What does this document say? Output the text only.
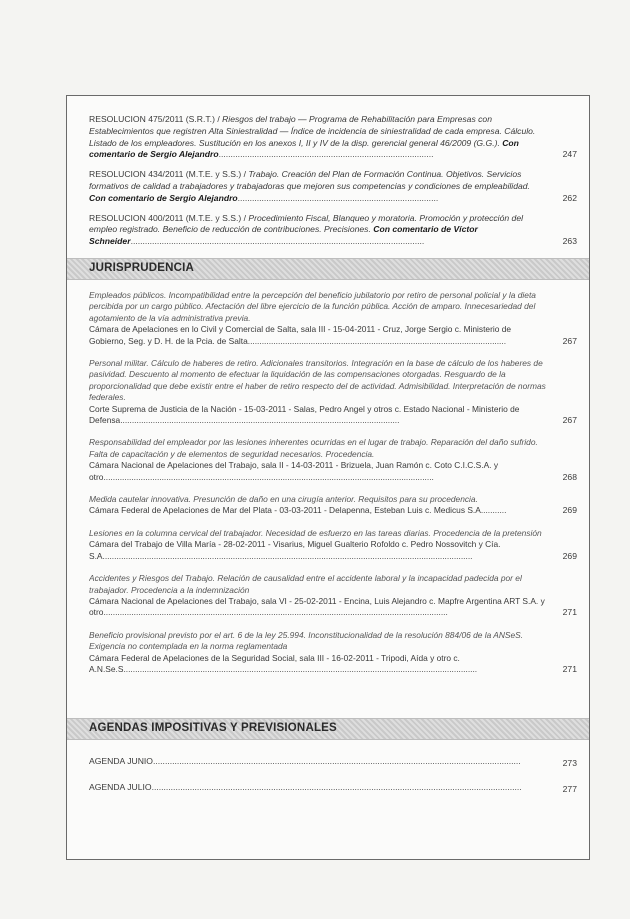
RESOLUCION 475/2011 (S.R.T.) / Riesgos del trabajo — Programa de Rehabilitación para Empresas con Establecimientos que registren Alta Siniestralidad — Índice de incidencia de siniestralidad de cada empresa. Cálculo. Listado de los empleadores. Sustitución en los anexos I, II y IV de la disp. gerencial general 46/2009 (G.G.). Con comentario de Sergio Alejandro..........................................................................................	247
RESOLUCION 434/2011 (M.T.E. y S.S.) / Trabajo. Creación del Plan de Formación Continua. Objetivos. Servicios formativos de calidad a trabajadores y trabajadoras que mejoren sus competencias y condiciones de empleabilidad. Con comentario de Sergio Alejandro....................................................................................	262
RESOLUCION 400/2011 (M.T.E. y S.S.) / Procedimiento Fiscal, Blanqueo y moratoria. Promoción y protección del empleo registrado. Beneficio de reducción de contribuciones. Precisiones. Con comentario de Víctor Schneider...........................................................................................................................	263
JURISPRUDENCIA
Empleados públicos. Incompatibilidad entre la percepción del beneficio jubilatorio por retiro de personal policial y la dieta percibida por un cargo público. Afectación del libre ejercicio de la función pública. Acción de amparo. Innecesariedad del agotamiento de la vía administrativa previa.
Cámara de Apelaciones en lo Civil y Comercial de Salta, sala III - 15-04-2011 - Cruz, Jorge Sergio c. Ministerio de Gobierno, Seg. y D. H. de la Pcia. de Salta...............................................................................................................	267
Personal militar. Cálculo de haberes de retiro. Adicionales transitorios. Integración en la base de cálculo de los haberes de pasividad. Descuento al momento de efectuar la liquidación de las compensaciones otorgadas. Resguardo de la proporcionalidad que debe existir entre el haber de retiro respecto del de actividad. Admisibilidad. Interpretación de normas federales.
Corte Suprema de Justicia de la Nación - 15-03-2011 - Salas, Pedro Angel y otros c. Estado Nacional - Ministerio de Defensa........................................................................................................................	267
Responsabilidad del empleador por las lesiones inherentes ocurridas en el lugar de trabajo. Reparación del daño sufrido. Falta de capacitación y de elementos de seguridad necesarios. Procedencia.
Cámara Nacional de Apelaciones del Trabajo, sala II - 14-03-2011 - Brizuela, Juan Ramón c. Coto C.I.C.S.A. y otro..............................................................................................................................................	268
Medida cautelar innovativa. Presunción de daño en una cirugía anterior. Requisitos para su procedencia.
Cámara Federal de Apelaciones de Mar del Plata - 03-03-2011 - Delapenna, Esteban Luis c. Medicus S.A...........	269
Lesiones en la columna cervical del trabajador. Necesidad de esfuerzo en las tareas diarias. Procedencia de la pretensión
Cámara del Trabajo de Villa María - 28-02-2011 - Visarius, Miguel Gualterio Rofoldo c. Pedro Nossovitch y Cía. S.A...............................................................................................................................................................	269
Accidentes y Riesgos del Trabajo. Relación de causalidad entre el accidente laboral y la incapacidad padecida por el trabajador. Procedencia a la indemnización
Cámara Nacional de Apelaciones del Trabajo, sala VI - 25-02-2011 - Encina, Luis Alejandro c. Mapfre Argentina ART S.A. y otro....................................................................................................................................................	271
Beneficio provisional previsto por el art. 6 de la ley 25.994. Inconstitucionalidad de la resolución 884/06 de la ANSeS. Exigencia no contemplada en la norma reglamentada
Cámara Federal de Apelaciones de la Seguridad Social, sala III - 16-02-2011 - Tripodi, Aída y otro c. A.N.Se.S........................................................................................................................................................	271
AGENDAS IMPOSITIVAS Y PREVISIONALES
AGENDA JUNIO..........................................................................................................................................................	273
AGENDA JULIO...........................................................................................................................................................	277
